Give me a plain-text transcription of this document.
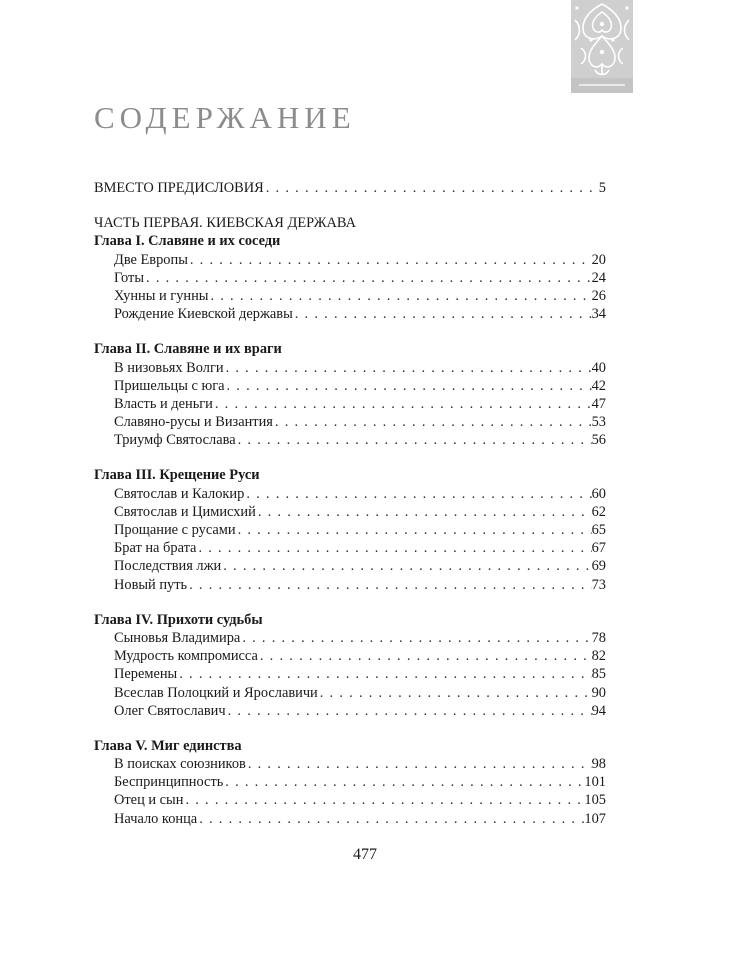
СОДЕРЖАНИЕ
ВМЕСТО ПРЕДИСЛОВИЯ . . .	5
ЧАСТЬ ПЕРВАЯ. КИЕВСКАЯ ДЕРЖАВА
Глава I. Славяне и их соседи
Две Европы . . .	20
Готы . . .	24
Хунны и гунны . . .	26
Рождение Киевской державы . . .	34
Глава II. Славяне и их враги
В низовьях Волги . . .	40
Пришельцы с юга . . .	42
Власть и деньги . . .	47
Славяно-русы и Византия . . .	53
Триумф Святослава . . .	56
Глава III. Крещение Руси
Святослав и Калокир . . .	60
Святослав и Цимисхий . . .	62
Прощание с русами . . .	65
Брат на брата . . .	67
Последствия лжи . . .	69
Новый путь . . .	73
Глава IV. Прихоти судьбы
Сыновья Владимира . . .	78
Мудрость компромисса . . .	82
Перемены . . .	85
Всеслав Полоцкий и Ярославичи . . .	90
Олег Святославич . . .	94
Глава V. Миг единства
В поисках союзников . . .	98
Беспринципность . . .	101
Отец и сын . . .	105
Начало конца . . .	107
477
